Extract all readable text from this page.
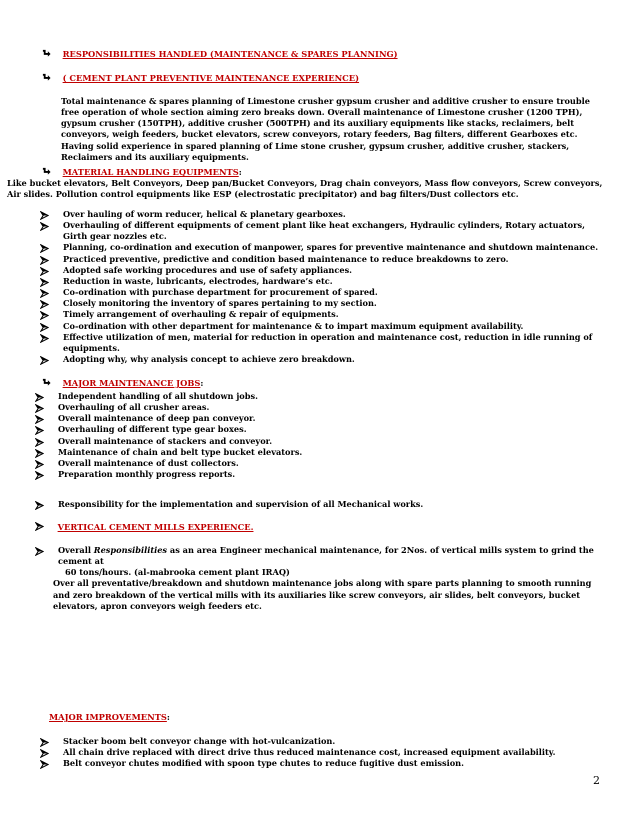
RESPONSIBILITIES HANDLED (MAINTENANCE & SPARES PLANNING)
( CEMENT PLANT PREVENTIVE MAINTENANCE EXPERIENCE)
Total maintenance & spares planning of Limestone crusher gypsum crusher and additive crusher to ensure trouble free operation of whole section aiming zero breaks down. Overall maintenance of Limestone crusher (1200 TPH), gypsum crusher (150TPH), additive crusher (500TPH) and its auxiliary equipments like stacks, reclaimers, belt conveyors, weigh feeders, bucket elevators, screw conveyors, rotary feeders, Bag filters, different Gearboxes etc. Having solid experience in spared planning of Lime stone crusher, gypsum crusher, additive crusher, stackers, Reclaimers and its auxiliary equipments.
MATERIAL HANDLING EQUIPMENTS:
Like bucket elevators, Belt Conveyors, Deep pan/Bucket Conveyors, Drag chain conveyors, Mass flow conveyors, Screw conveyors, Air slides. Pollution control equipments like ESP (electrostatic precipitator) and bag filters/Dust collectors etc.
Over hauling of worm reducer, helical & planetary gearboxes.
Overhauling of different equipments of cement plant like heat exchangers, Hydraulic cylinders, Rotary actuators, Girth gear nozzles etc.
Planning, co-ordination and execution of manpower, spares for preventive maintenance and shutdown maintenance.
Practiced preventive, predictive and condition based maintenance to reduce breakdowns to zero.
Adopted safe working procedures and use of safety appliances.
Reduction in waste, lubricants, electrodes, hardware’s etc.
Co-ordination with purchase department for procurement of spared.
Closely monitoring the inventory of spares pertaining to my section.
Timely arrangement of overhauling & repair of equipments.
Co-ordination with other department for maintenance & to impart maximum equipment availability.
Effective utilization of men, material for reduction in operation and maintenance cost, reduction in idle running of equipments.
Adopting why, why analysis concept to achieve zero breakdown.
MAJOR MAINTENANCE JOBS:
Independent handling of all shutdown jobs.
Overhauling of all crusher areas.
Overall maintenance of deep pan conveyor.
Overhauling of different type gear boxes.
Overall maintenance of stackers and conveyor.
Maintenance of chain and belt type bucket elevators.
Overall maintenance of dust collectors.
Preparation monthly progress reports.
Responsibility for the implementation and supervision of all Mechanical works.
VERTICAL CEMENT MILLS EXPERIENCE.
Overall Responsibilities as an area Engineer mechanical maintenance, for 2Nos. of vertical mills system to grind the cement at
60 tons/hours. (al-mabrooka cement plant IRAQ)
Over all preventative/breakdown and shutdown maintenance jobs along with spare parts planning to smooth running and zero breakdown of the vertical mills with its auxiliaries like screw conveyors, air slides, belt conveyors, bucket elevators, apron conveyors weigh feeders etc.
MAJOR IMPROVEMENTS:
Stacker boom belt conveyor change with hot-vulcanization.
All chain drive replaced with direct drive thus reduced maintenance cost, increased equipment availability.
Belt conveyor chutes modified with spoon type chutes to reduce fugitive dust emission.
2
